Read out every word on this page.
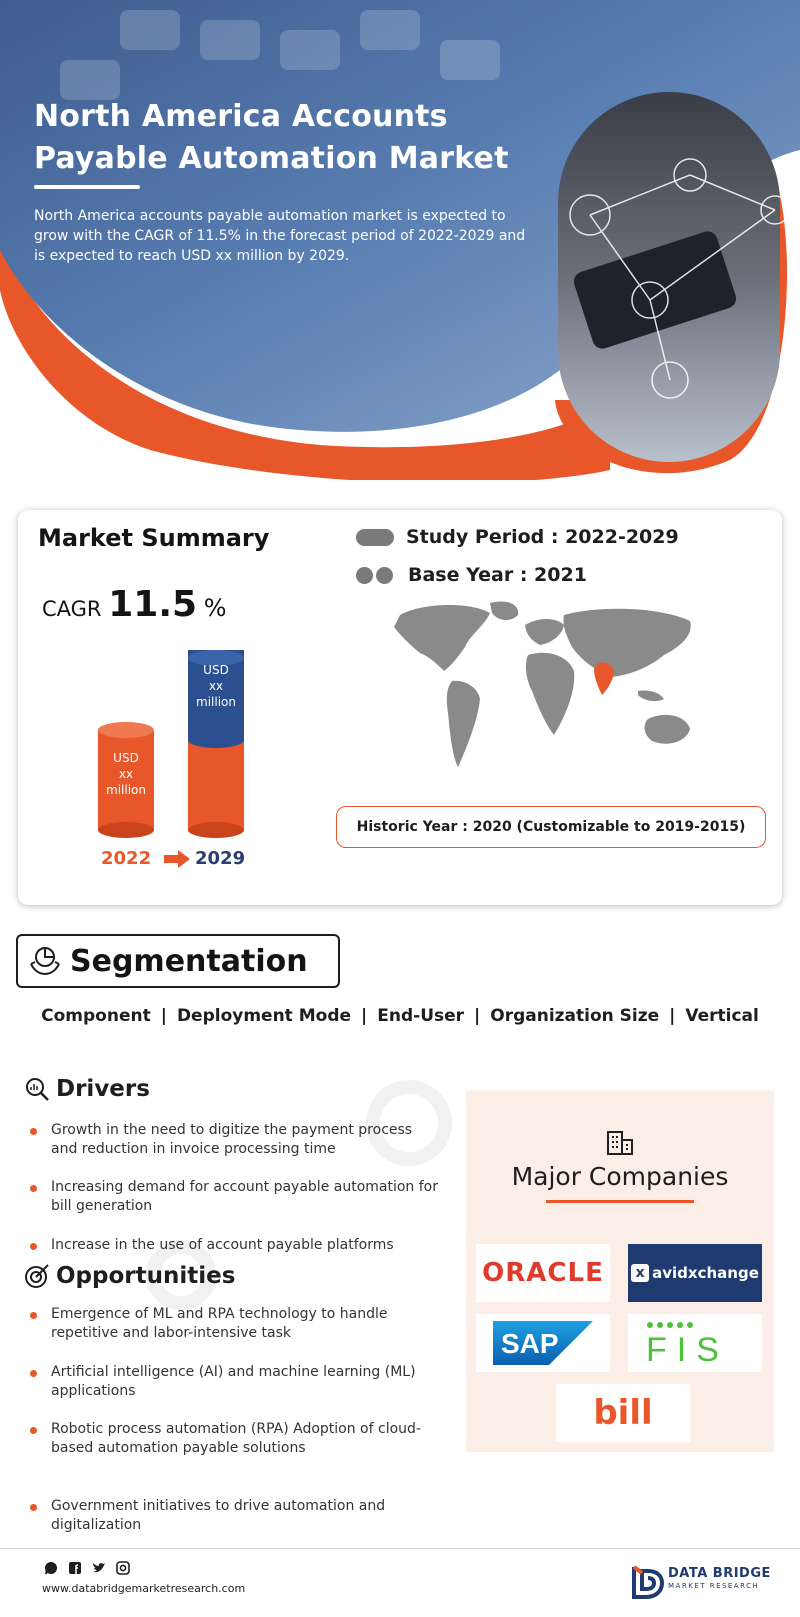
North America Accounts Payable Automation Market
North America accounts payable automation market is expected to grow with the CAGR of 11.5% in the forecast period of 2022-2029 and is expected to reach USD xx million by 2029.
Market Summary
CAGR 11.5 %
USD
xx
million
USD
xx
million
2022 2029
Study Period : 2022-2029
Base Year : 2021
Historic Year : 2020 (Customizable to 2019-2015)
Segmentation
Component | Deployment Mode | End-User | Organization Size | Vertical
Drivers
Growth in the need to digitize the payment process and reduction in invoice processing time
Increasing demand for account payable automation for bill generation
Increase in the use of account payable platforms
Opportunities
Emergence of ML and RPA technology to handle repetitive and labor-intensive task
Artificial intelligence (AI) and machine learning (ML) applications
Robotic process automation (RPA) Adoption of cloud-based automation payable solutions
Government initiatives to drive automation and digitalization
Major Companies
ORACLE	x avidxchange
SAP	FIS
bill
www.databridgemarketresearch.com
DATA BRIDGE
MARKET RESEARCH
